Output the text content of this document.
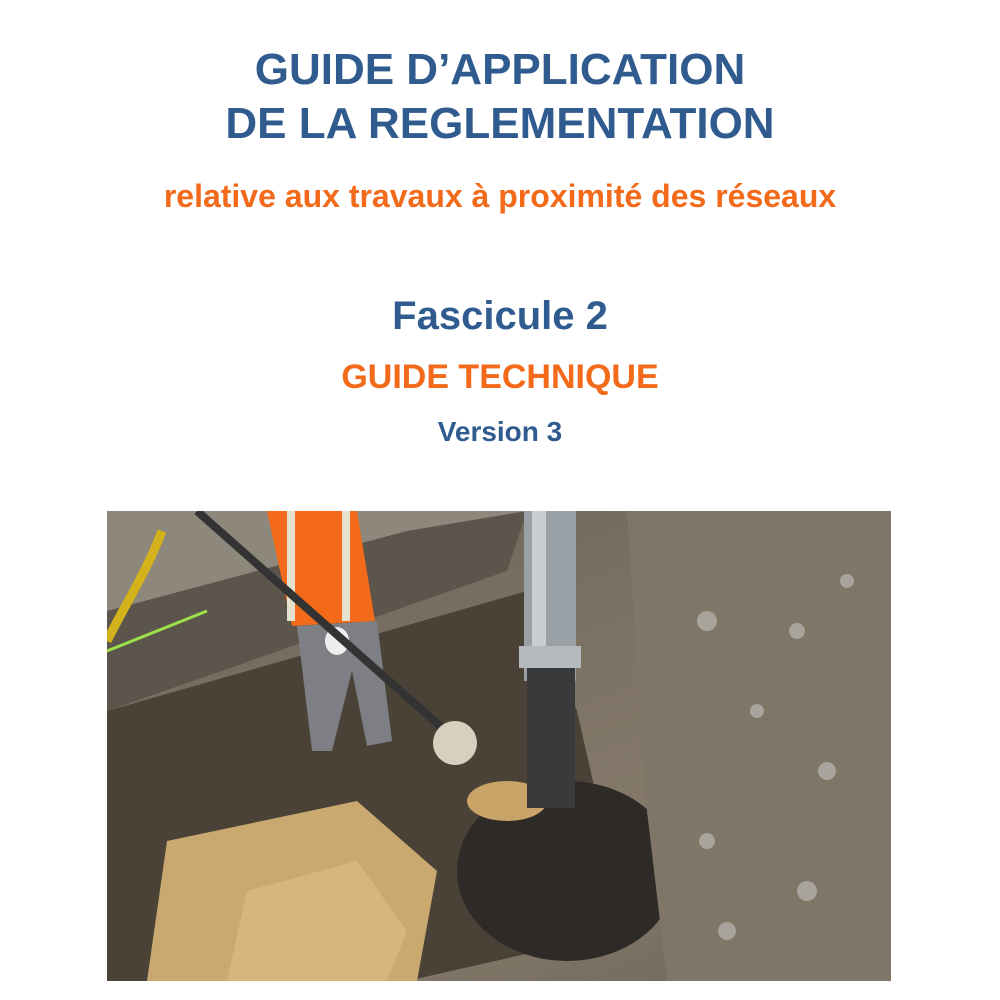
GUIDE D’APPLICATION
DE LA REGLEMENTATION
relative aux travaux à proximité des réseaux
Fascicule 2
GUIDE TECHNIQUE
Version 3
